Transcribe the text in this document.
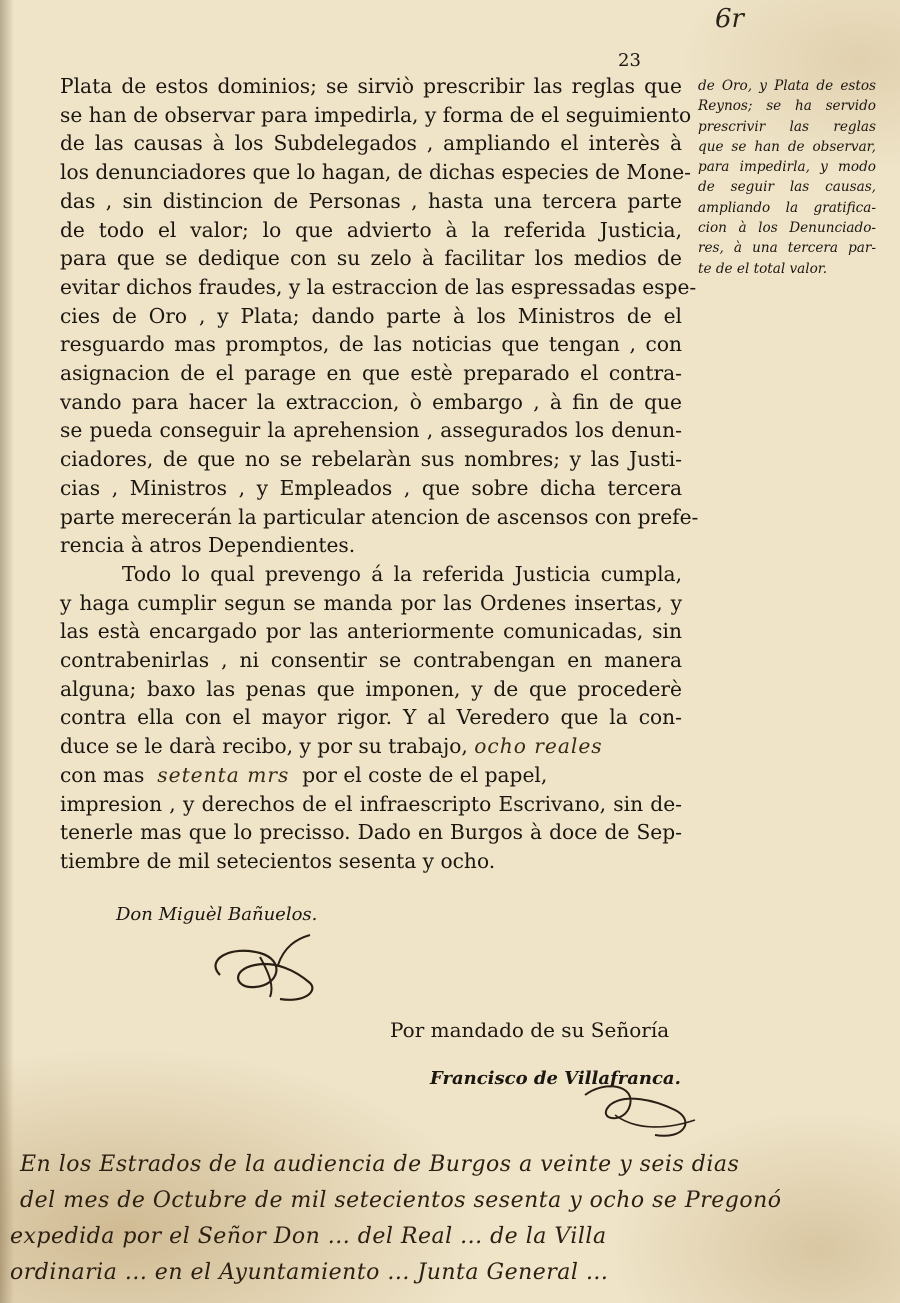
23
6r
Plata de estos dominios; se sirviò prescribir las reglas que
se han de observar para impedirla, y forma de el seguimiento
de las causas à los Subdelegados , ampliando el interès à
los denunciadores que lo hagan, de dichas especies de Mone-
das , sin distincion de Personas , hasta una tercera parte
de todo el valor; lo que advierto à la referida Justicia,
para que se dedique con su zelo à facilitar los medios de
evitar dichos fraudes, y la estraccion de las espressadas espe-
cies de Oro , y Plata; dando parte à los Ministros de el
resguardo mas promptos, de las noticias que tengan , con
asignacion de el parage en que estè preparado el contra-
vando para hacer la extraccion, ò embargo , à fin de que
se pueda conseguir la aprehension , assegurados los denun-
ciadores, de que no se rebelaràn sus nombres; y las Justi-
cias , Ministros , y Empleados , que sobre dicha tercera
parte merecerán la particular atencion de ascensos con prefe-
rencia à atros Dependientes.
Todo lo qual prevengo á la referida Justicia cumpla,
y haga cumplir segun se manda por las Ordenes insertas, y
las està encargado por las anteriormente comunicadas, sin
contrabenirlas , ni consentir se contrabengan en manera
alguna; baxo las penas que imponen, y de que procederè
contra ella con el mayor rigor. Y al Veredero que la con-
duce se le darà recibo, y por su trabajo, ocho reales
con mas setenta mrs por el coste de el papel,
impresion , y derechos de el infraescripto Escrivano, sin de-
tenerle mas que lo precisso. Dado en Burgos à doce de Sep-
tiembre de mil setecientos sesenta y ocho.
de Oro, y Plata de estos
Reynos; se ha servido
prescrivir las reglas
que se han de observar,
para impedirla, y modo
de seguir las causas,
ampliando la gratifica-
cion à los Denunciado-
res, à una tercera par-
te de el total valor.
Don Miguèl Bañuelos.
Por mandado de su Señoría
Francisco de Villafranca.
En los Estrados de la audiencia de Burgos a veinte y seis dias
del mes de Octubre de mil setecientos sesenta y ocho se Pregonó
expedida por el Señor Don ... del Real ... de la Villa
ordinaria ... en el Ayuntamiento ... Junta General ...
